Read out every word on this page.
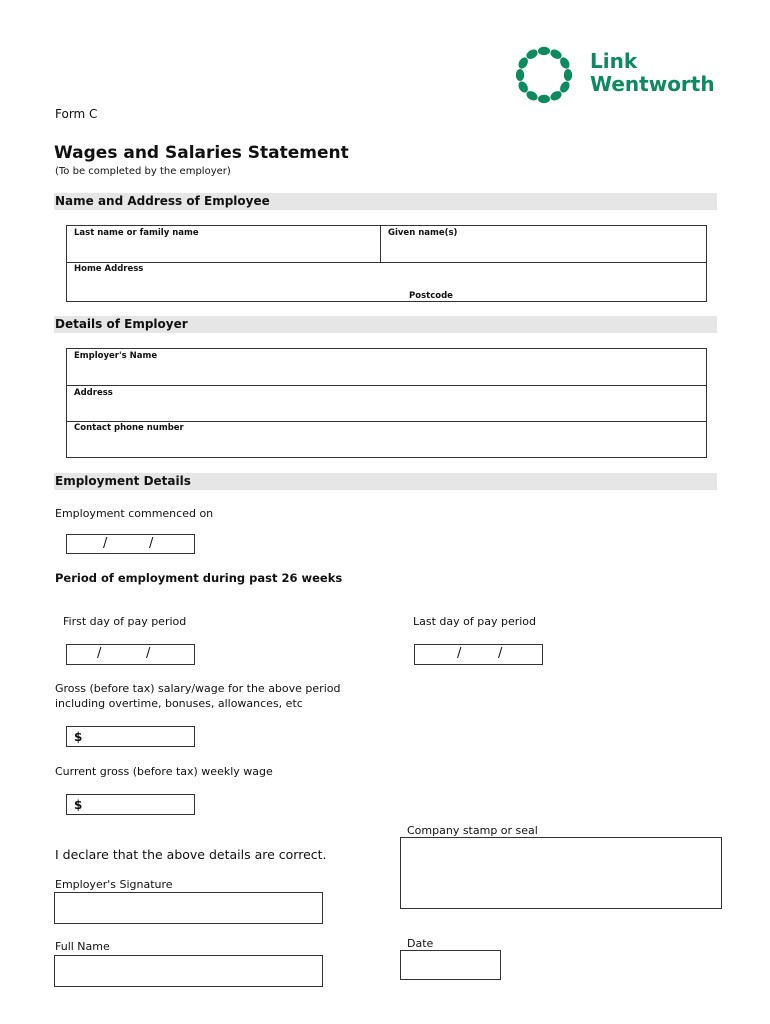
Link
Wentworth
Form C
Wages and Salaries Statement
(To be completed by the employer)
Name and Address of Employee
Last name or family name	Given name(s)
Home Address
Postcode
Details of Employer
Employer's Name
Address
Contact phone number
Employment Details
Employment commenced on
/	/
Period of employment during past 26 weeks
First day of pay period
/	/
Last day of pay period
/	/
Gross (before tax) salary/wage for the above period
including overtime, bonuses, allowances, etc
$
Current gross (before tax) weekly wage
$
Company stamp or seal
I declare that the above details are correct.
Employer's Signature
Full Name	Date
